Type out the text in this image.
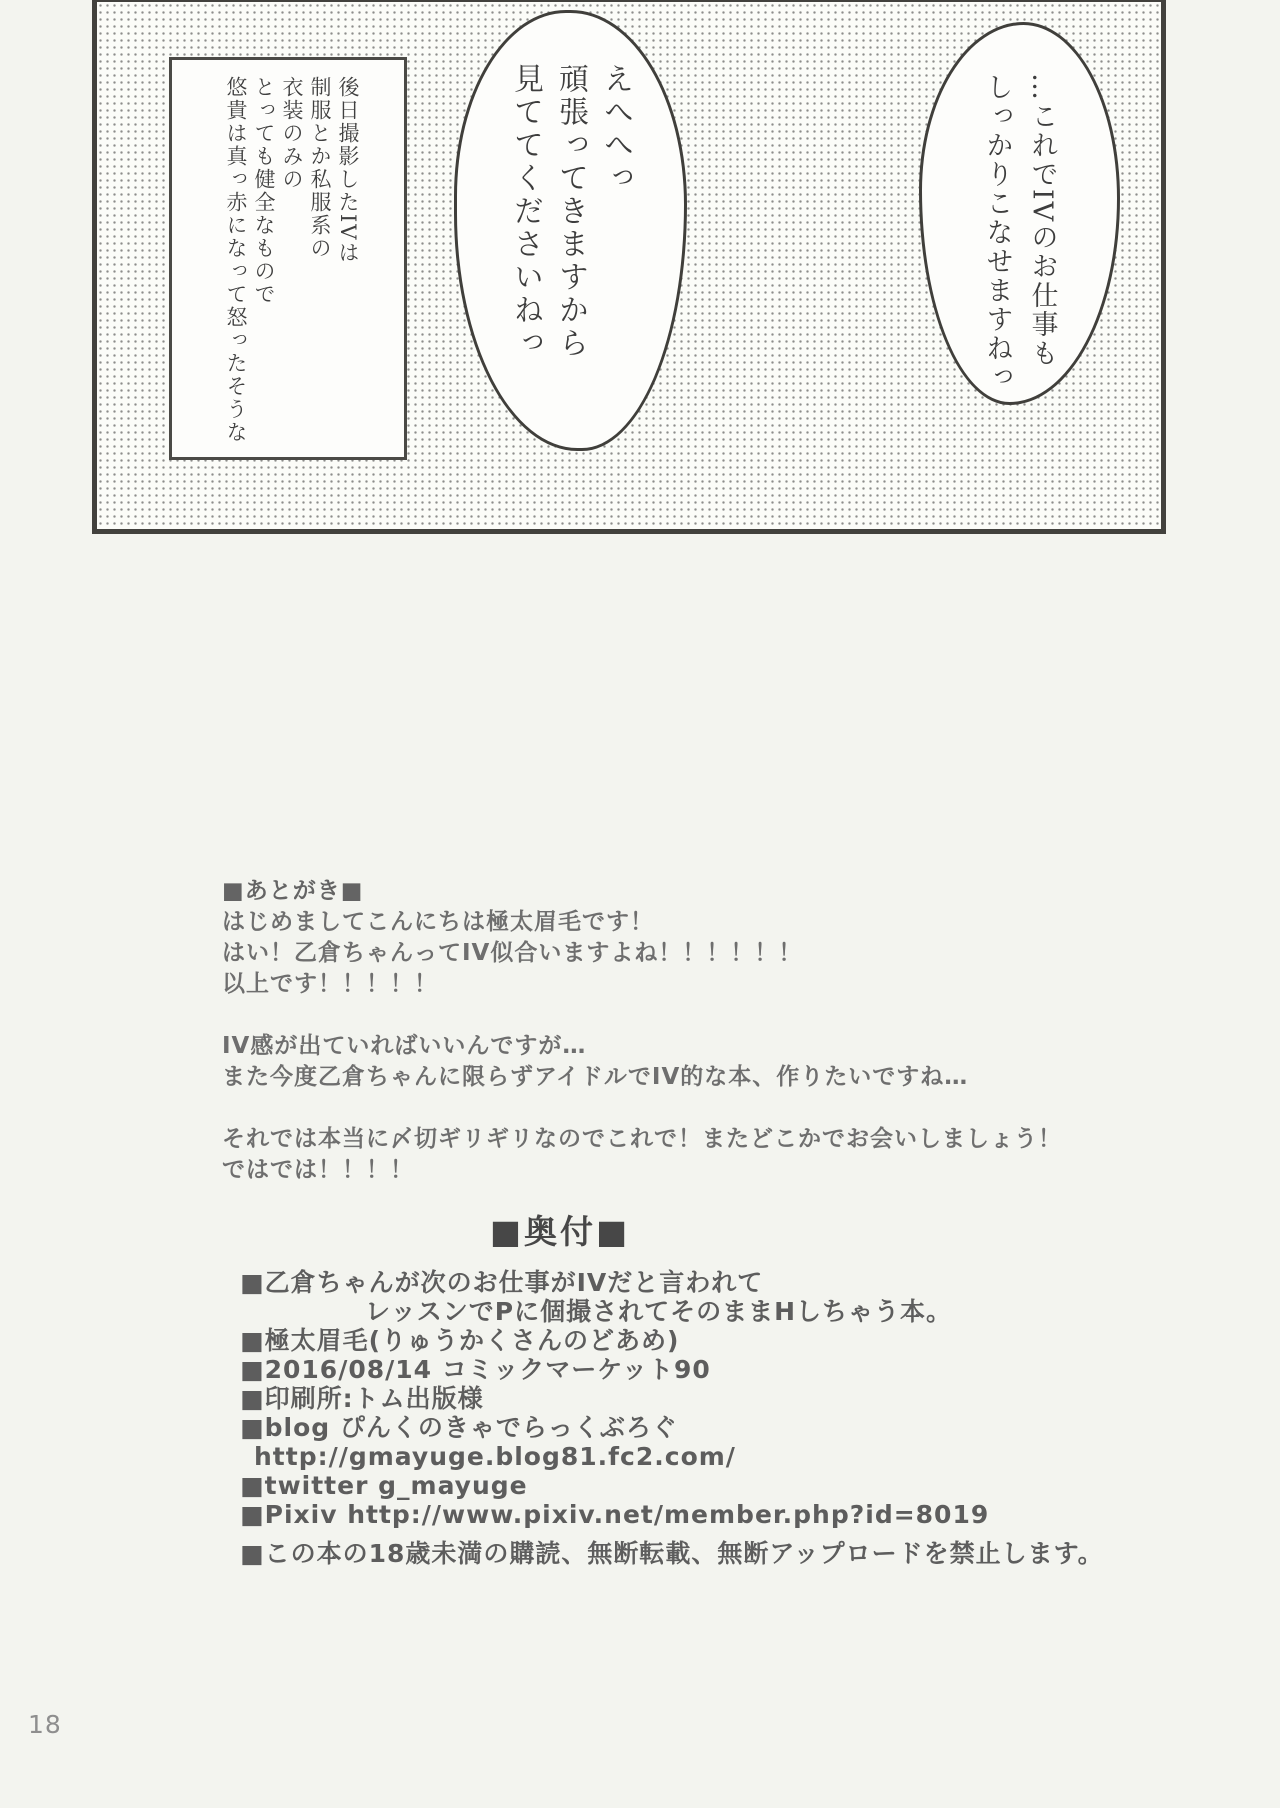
後日撮影したIVは
制服とか私服系の
衣装のみの
とっても健全なもので
悠貴は真っ赤になって怒ったそうな	えへへっ
頑張ってきますから
見ててくださいねっ	…これでIVのお仕事も
しっかりこなせますねっ
■あとがき■
はじめましてこんにちは極太眉毛です！
はい！乙倉ちゃんってIV似合いますよね！！！！！！
以上です！！！！！
IV感が出ていればいいんですが…
また今度乙倉ちゃんに限らずアイドルでIV的な本、作りたいですね…
それでは本当に〆切ギリギリなのでこれで！またどこかでお会いしましょう！
ではでは！！！！
■奥付■
■乙倉ちゃんが次のお仕事がIVだと言われて
レッスンでPに個撮されてそのままHしちゃう本。
■極太眉毛(りゅうかくさんのどあめ)
■2016/08/14 コミックマーケット90
■印刷所:トム出版様
■blog ぴんくのきゃでらっくぶろぐ
http://gmayuge.blog81.fc2.com/
■twitter g_mayuge
■Pixiv http://www.pixiv.net/member.php?id=8019
■この本の18歳未満の購読、無断転載、無断アップロードを禁止します。
18
